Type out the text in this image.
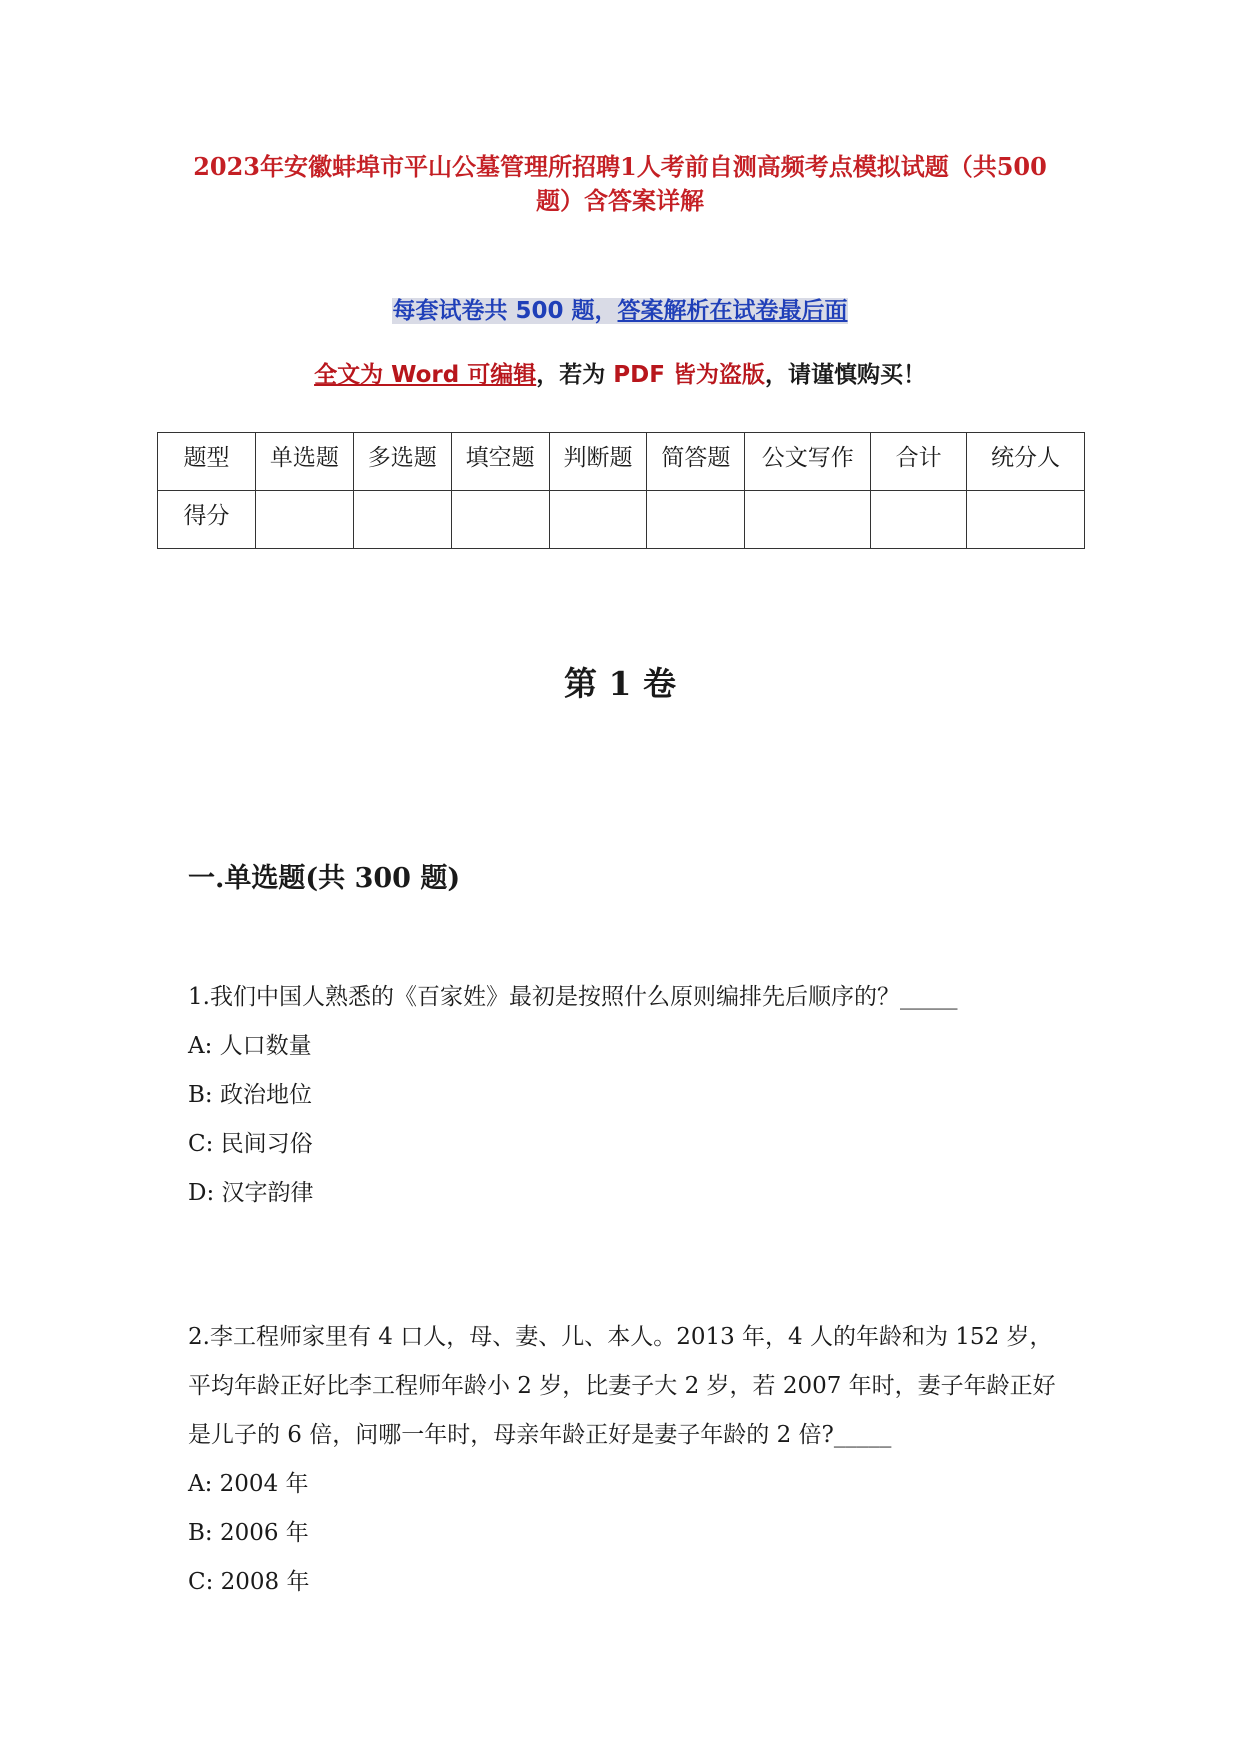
2023年安徽蚌埠市平山公墓管理所招聘1人考前自测高频考点模拟试题（共500题）含答案详解
每套试卷共 500 题，答案解析在试卷最后面
全文为 Word 可编辑，若为 PDF 皆为盗版，请谨慎购买！
题型	单选题	多选题	填空题	判断题	简答题	公文写作	合计	统分人
得分								
第 1 卷
一.单选题(共 300 题)

1.我们中国人熟悉的《百家姓》最初是按照什么原则编排先后顺序的？_____

A: 人口数量

B: 政治地位

C: 民间习俗

D: 汉字韵律

2.李工程师家里有 4 口人，母、妻、儿、本人。2013 年，4 人的年龄和为 152 岁，平均年龄正好比李工程师年龄小 2 岁，比妻子大 2 岁，若 2007 年时，妻子年龄正好是儿子的 6 倍，问哪一年时，母亲年龄正好是妻子年龄的 2 倍?_____

A: 2004 年

B: 2006 年

C: 2008 年
